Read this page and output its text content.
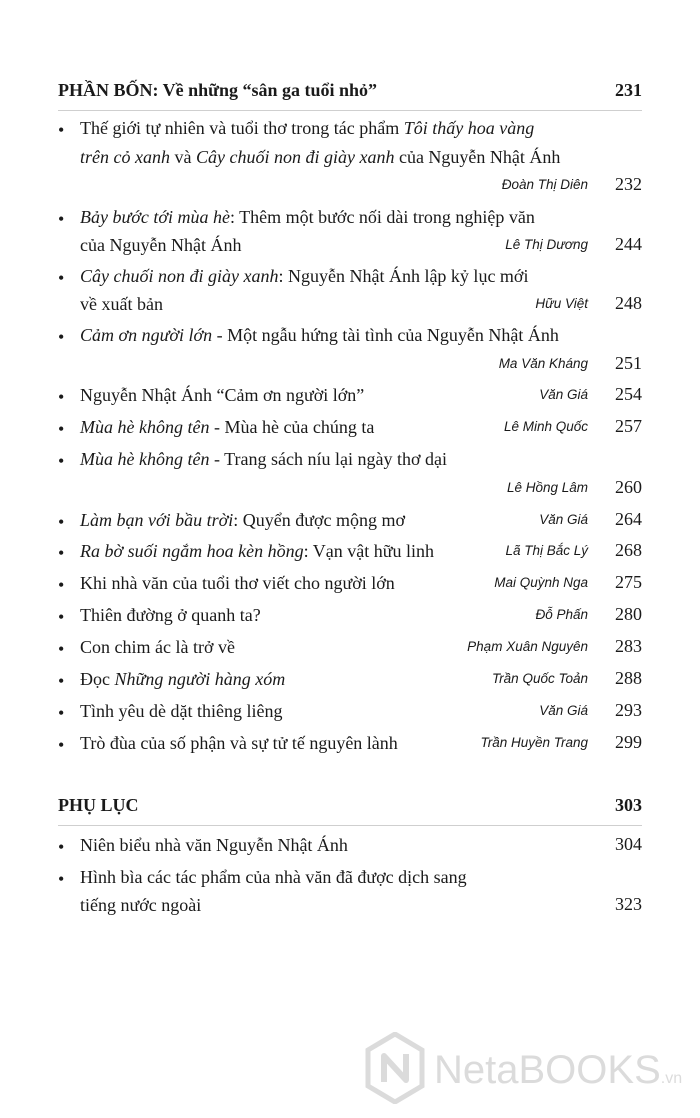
PHẦN BỐN: Về những “sân ga tuổi nhỏ”	231
• Thế giới tự nhiên và tuổi thơ trong tác phẩm Tôi thấy hoa vàng
trên cỏ xanh và Cây chuối non đi giày xanh của Nguyễn Nhật Ánh
Đoàn Thị Diên 232
• Bảy bước tới mùa hè: Thêm một bước nối dài trong nghiệp văn
của Nguyễn Nhật Ánh	Lê Thị Dương 244
• Cây chuối non đi giày xanh: Nguyễn Nhật Ánh lập kỷ lục mới
về xuất bản	Hữu Việt 248
• Cảm ơn người lớn - Một ngẫu hứng tài tình của Nguyễn Nhật Ánh
Ma Văn Kháng 251
• Nguyễn Nhật Ánh “Cảm ơn người lớn”	Văn Giá 254
• Mùa hè không tên - Mùa hè của chúng ta	Lê Minh Quốc 257
• Mùa hè không tên - Trang sách níu lại ngày thơ dại
Lê Hồng Lâm 260
• Làm bạn với bầu trời: Quyển được mộng mơ	Văn Giá 264
• Ra bờ suối ngắm hoa kèn hồng: Vạn vật hữu linh	Lã Thị Bắc Lý 268
• Khi nhà văn của tuổi thơ viết cho người lớn	Mai Quỳnh Nga 275
• Thiên đường ở quanh ta?	Đỗ Phấn 280
• Con chim ác là trở về	Phạm Xuân Nguyên 283
• Đọc Những người hàng xóm	Trần Quốc Toản 288
• Tình yêu dè dặt thiêng liêng	Văn Giá 293
• Trò đùa của số phận và sự tử tế nguyên lành	Trần Huyền Trang 299
PHỤ LỤC	303
• Niên biểu nhà văn Nguyễn Nhật Ánh	304
• Hình bìa các tác phẩm của nhà văn đã được dịch sang
tiếng nước ngoài	323
NetaBOOKS.vn
